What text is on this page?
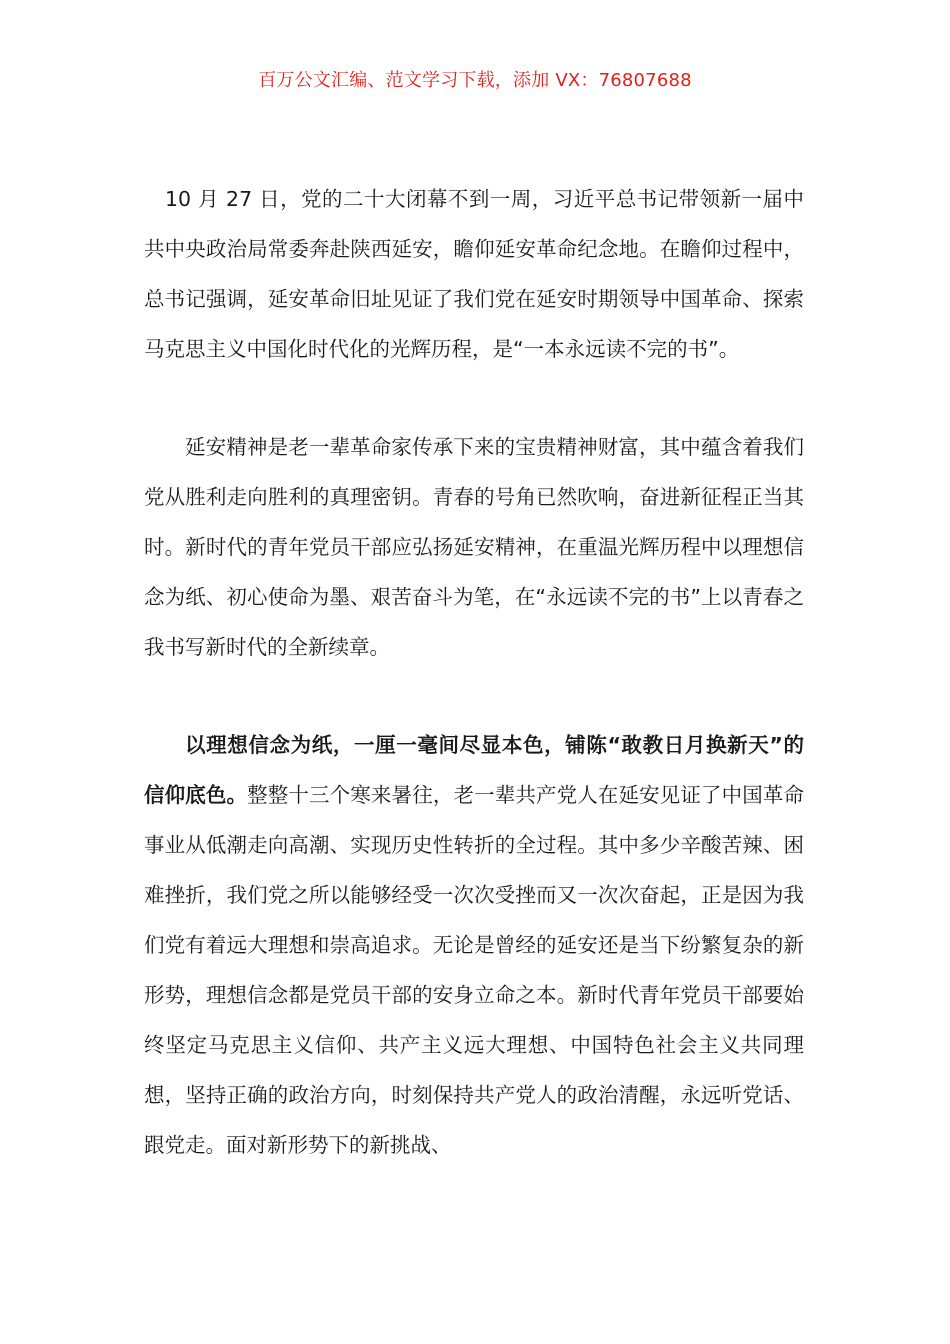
百万公文汇编、范文学习下载，添加 VX：76807688

10 月 27 日，党的二十大闭幕不到一周，习近平总书记带领新一届中共中央政治局常委奔赴陕西延安，瞻仰延安革命纪念地。在瞻仰过程中，总书记强调，延安革命旧址见证了我们党在延安时期领导中国革命、探索马克思主义中国化时代化的光辉历程，是“一本永远读不完的书”。

延安精神是老一辈革命家传承下来的宝贵精神财富，其中蕴含着我们党从胜利走向胜利的真理密钥。青春的号角已然吹响，奋进新征程正当其时。新时代的青年党员干部应弘扬延安精神，在重温光辉历程中以理想信念为纸、初心使命为墨、艰苦奋斗为笔，在“永远读不完的书”上以青春之我书写新时代的全新续章。

以理想信念为纸，一厘一毫间尽显本色，铺陈“敢教日月换新天”的信仰底色。整整十三个寒来暑往，老一辈共产党人在延安见证了中国革命事业从低潮走向高潮、实现历史性转折的全过程。其中多少辛酸苦辣、困难挫折，我们党之所以能够经受一次次受挫而又一次次奋起，正是因为我们党有着远大理想和崇高追求。无论是曾经的延安还是当下纷繁复杂的新形势，理想信念都是党员干部的安身立命之本。新时代青年党员干部要始终坚定马克思主义信仰、共产主义远大理想、中国特色社会主义共同理想，坚持正确的政治方向，时刻保持共产党人的政治清醒，永远听党话、跟党走。面对新形势下的新挑战、
